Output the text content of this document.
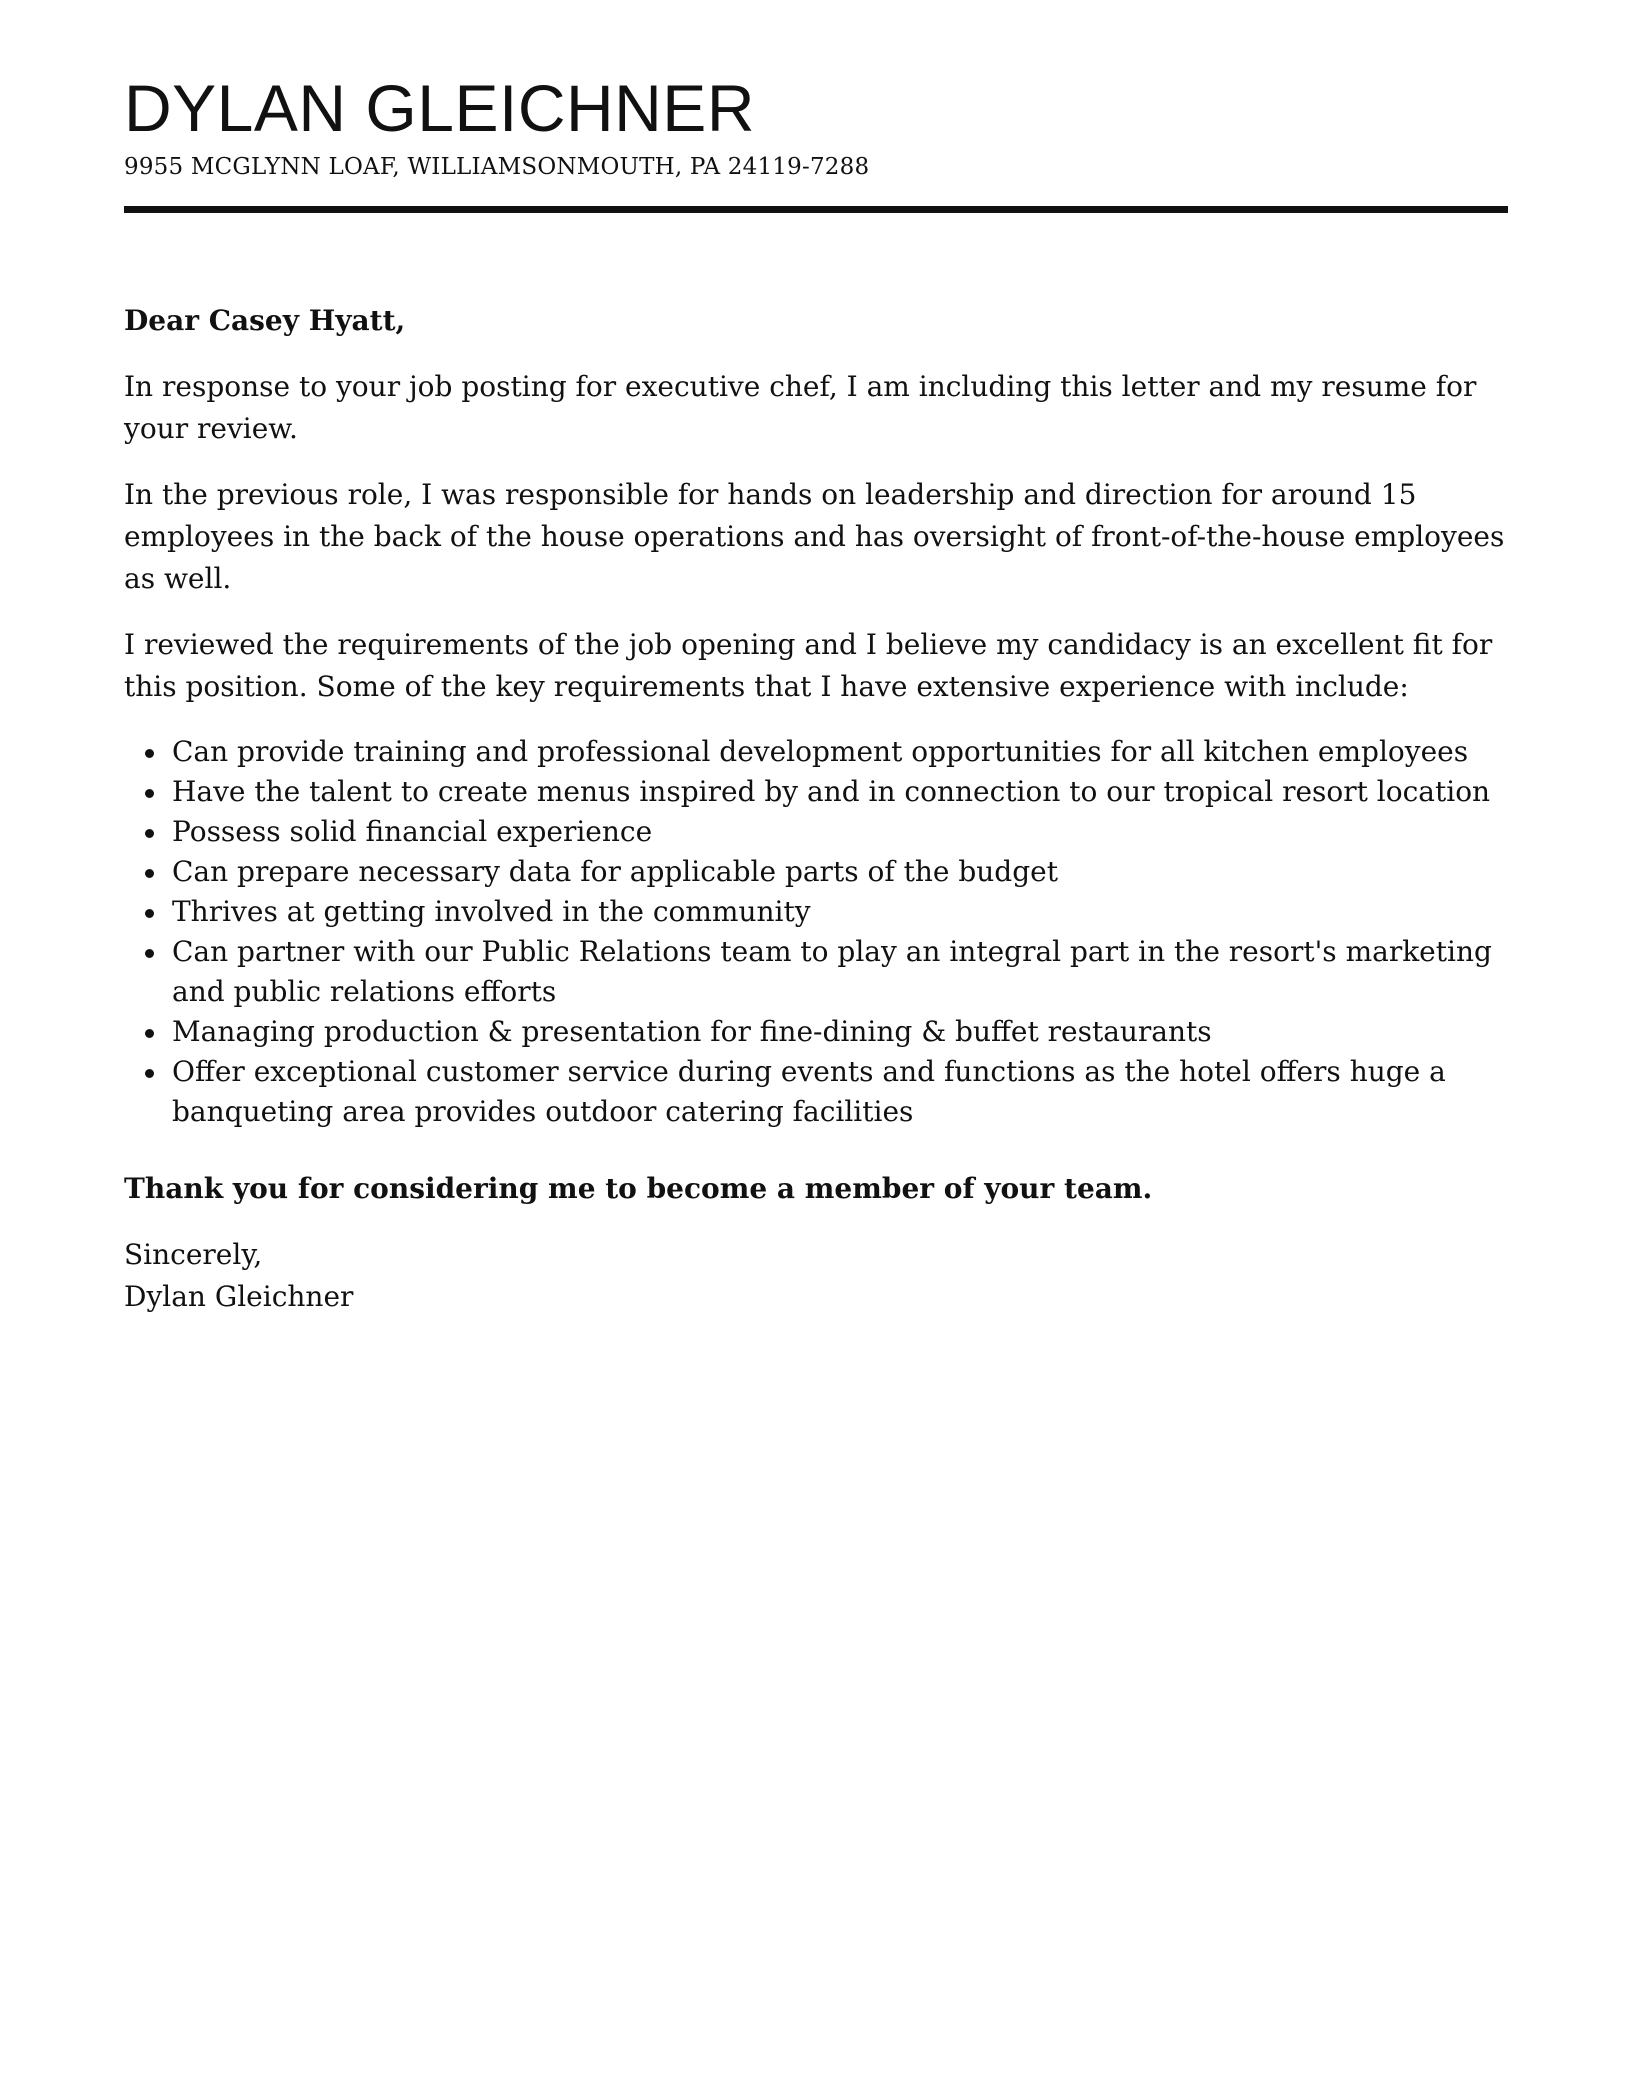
DYLAN GLEICHNER
9955 MCGLYNN LOAF, WILLIAMSONMOUTH, PA 24119-7288

Dear Casey Hyatt,

In response to your job posting for executive chef, I am including this letter and my resume for your review.

In the previous role, I was responsible for hands on leadership and direction for around 15 employees in the back of the house operations and has oversight of front-of-the-house employees as well.

I reviewed the requirements of the job opening and I believe my candidacy is an excellent fit for this position. Some of the key requirements that I have extensive experience with include:

Can provide training and professional development opportunities for all kitchen employees
Have the talent to create menus inspired by and in connection to our tropical resort location
Possess solid financial experience
Can prepare necessary data for applicable parts of the budget
Thrives at getting involved in the community
Can partner with our Public Relations team to play an integral part in the resort's marketing and public relations efforts
Managing production & presentation for fine-dining & buffet restaurants
Offer exceptional customer service during events and functions as the hotel offers huge a banqueting area provides outdoor catering facilities

Thank you for considering me to become a member of your team.

Sincerely,

Dylan Gleichner
